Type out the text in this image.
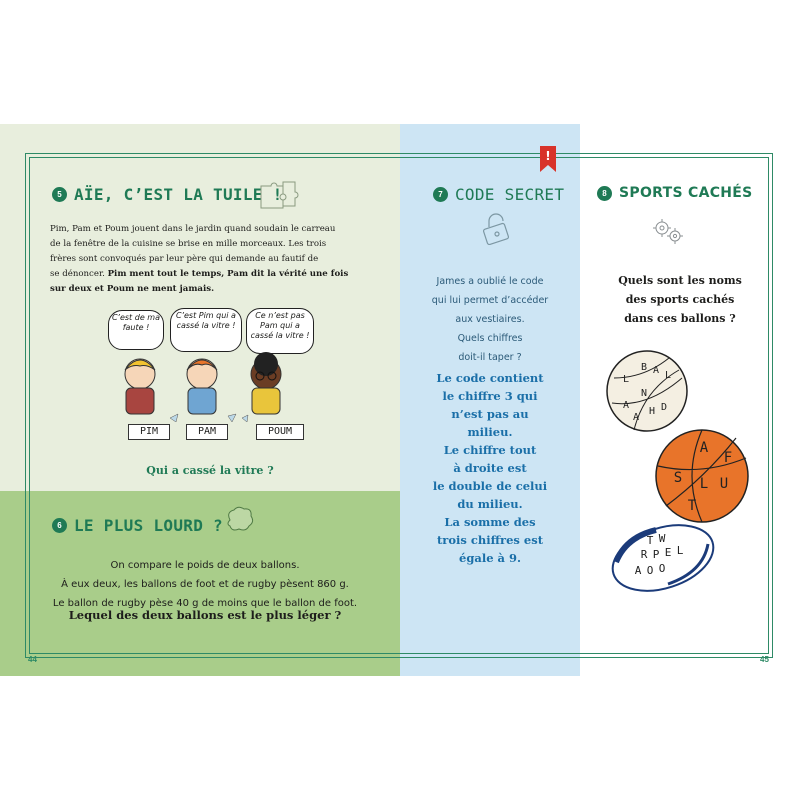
!
5 AÏE, C’EST LA TUILE !
Pim, Pam et Poum jouent dans le jardin quand soudain le carreau
de la fenêtre de la cuisine se brise en mille morceaux. Les trois
frères sont convoqués par leur père qui demande au fautif de
se dénoncer. Pim ment tout le temps, Pam dit la vérité une fois
sur deux et Poum ne ment jamais.
C’est de ma faute !
C’est Pim qui a cassé la vitre !
Ce n’est pas Pam qui a cassé la vitre !
PIM	PAM	POUM
Qui a cassé la vitre ?
6 LE PLUS LOURD ?
On compare le poids de deux ballons.
À eux deux, les ballons de foot et de rugby pèsent 860 g.
Le ballon de rugby pèse 40 g de moins que le ballon de foot.
Lequel des deux ballons est le plus léger ?
44
7 CODE SECRET
James a oublié le code
qui lui permet d’accéder
aux vestiaires.
Quels chiffres
doit-il taper ?
Le code contient
le chiffre 3 qui
n’est pas au
milieu.
Le chiffre tout
à droite est
le double de celui
du milieu.
La somme des
trois chiffres est
égale à 9.
8 SPORTS CACHÉS
Quels sont les noms
des sports cachés
dans ces ballons ?
B A L
L
N
A
H D
A
A
F
S L U
T
T W
R P E L
A O O
45
